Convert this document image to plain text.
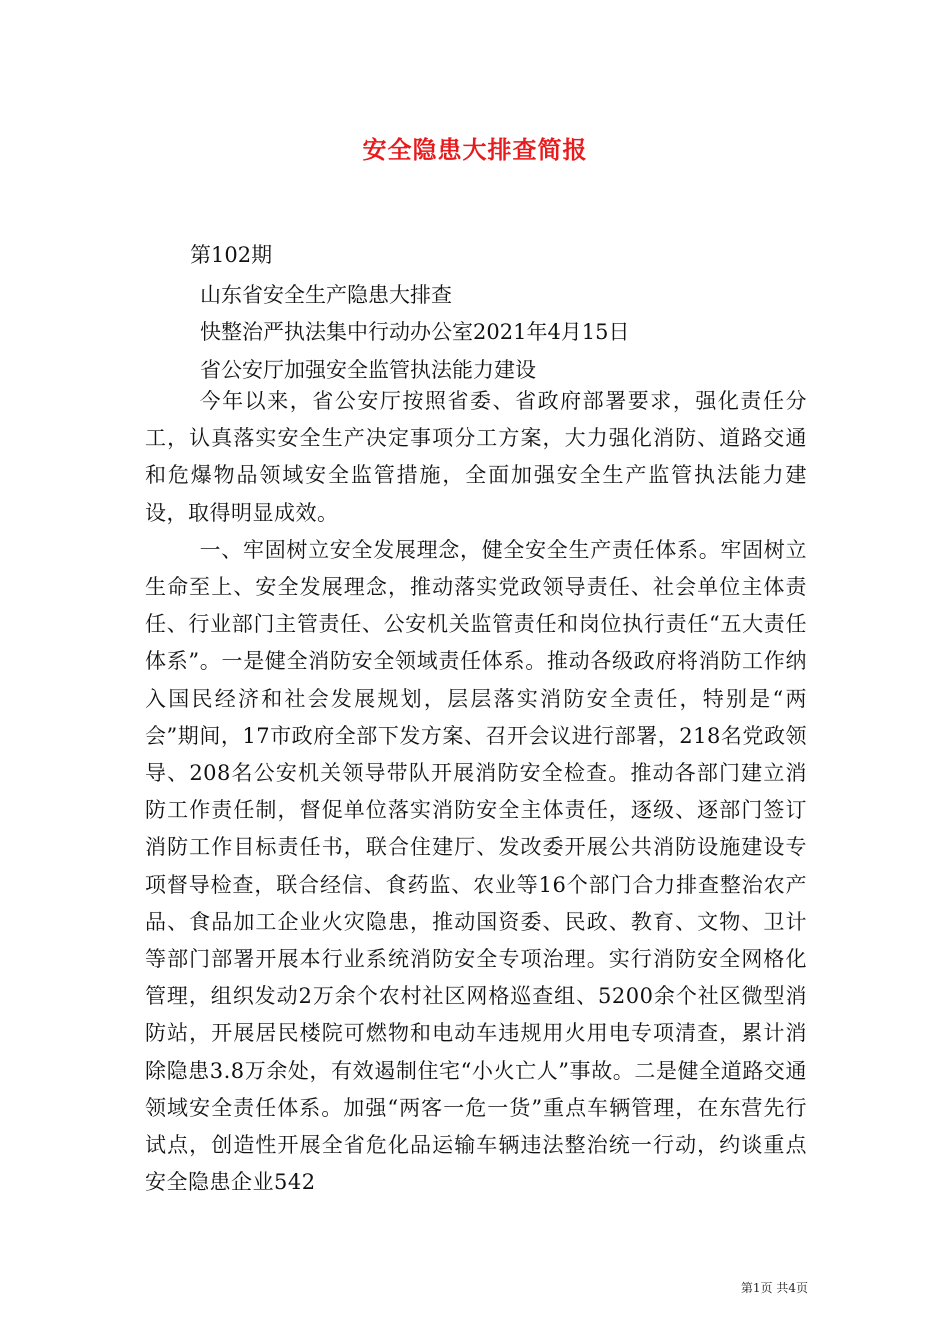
安全隐患大排查简报
第102期
山东省安全生产隐患大排查
快整治严执法集中行动办公室2021年4月15日
省公安厅加强安全监管执法能力建设

今年以来，省公安厅按照省委、省政府部署要求，强化责任分工，认真落实安全生产决定事项分工方案，大力强化消防、道路交通和危爆物品领域安全监管措施，全面加强安全生产监管执法能力建设，取得明显成效。

一、牢固树立安全发展理念，健全安全生产责任体系。牢固树立生命至上、安全发展理念，推动落实党政领导责任、社会单位主体责任、行业部门主管责任、公安机关监管责任和岗位执行责任“五大责任体系”。一是健全消防安全领域责任体系。推动各级政府将消防工作纳入国民经济和社会发展规划，层层落实消防安全责任，特别是“两会”期间，17市政府全部下发方案、召开会议进行部署，218名党政领导、208名公安机关领导带队开展消防安全检查。推动各部门建立消防工作责任制，督促单位落实消防安全主体责任，逐级、逐部门签订消防工作目标责任书，联合住建厅、发改委开展公共消防设施建设专项督导检查，联合经信、食药监、农业等16个部门合力排查整治农产品、食品加工企业火灾隐患，推动国资委、民政、教育、文物、卫计等部门部署开展本行业系统消防安全专项治理。实行消防安全网格化管理，组织发动2万余个农村社区网格巡查组、5200余个社区微型消防站，开展居民楼院可燃物和电动车违规用火用电专项清查，累计消除隐患3.8万余处，有效遏制住宅“小火亡人”事故。二是健全道路交通领域安全责任体系。加强“两客一危一货”重点车辆管理，在东营先行试点，创造性开展全省危化品运输车辆违法整治统一行动，约谈重点安全隐患企业542

第1页 共4页
